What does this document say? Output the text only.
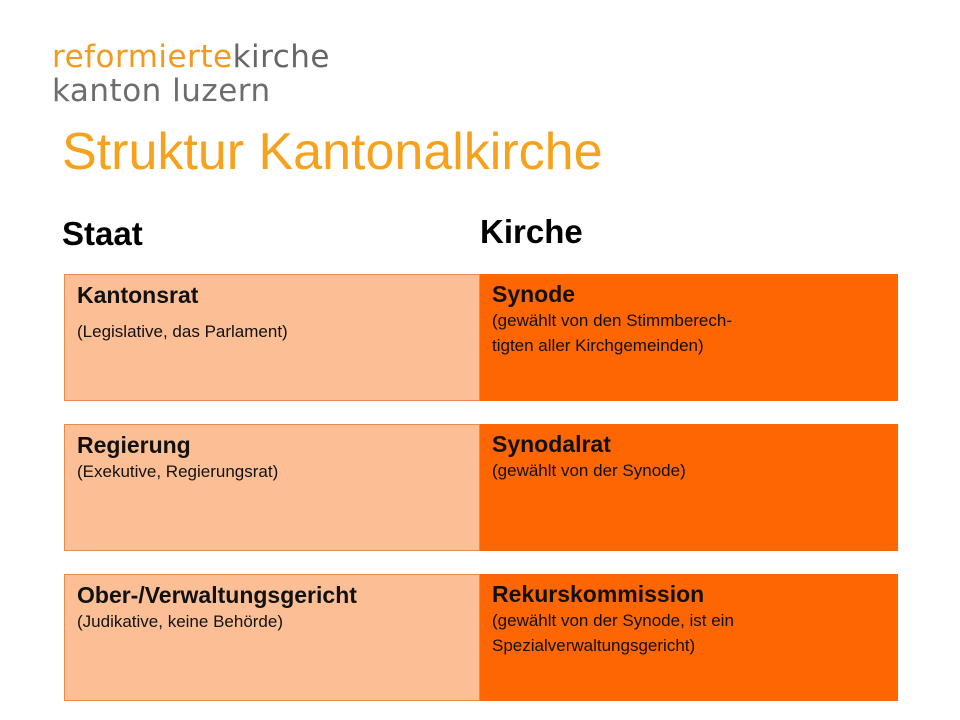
reformiertekirche
kanton luzern
Struktur Kantonalkirche
Staat	Kirche
Kantonsrat
(Legislative, das Parlament)
Synode
(gewählt von den Stimmberech-
tigten aller Kirchgemeinden)
Regierung
(Exekutive, Regierungsrat)
Synodalrat
(gewählt von der Synode)
Ober-/Verwaltungsgericht
(Judikative, keine Behörde)
Rekurskommission
(gewählt von der Synode, ist ein Spezialverwaltungsgericht)
